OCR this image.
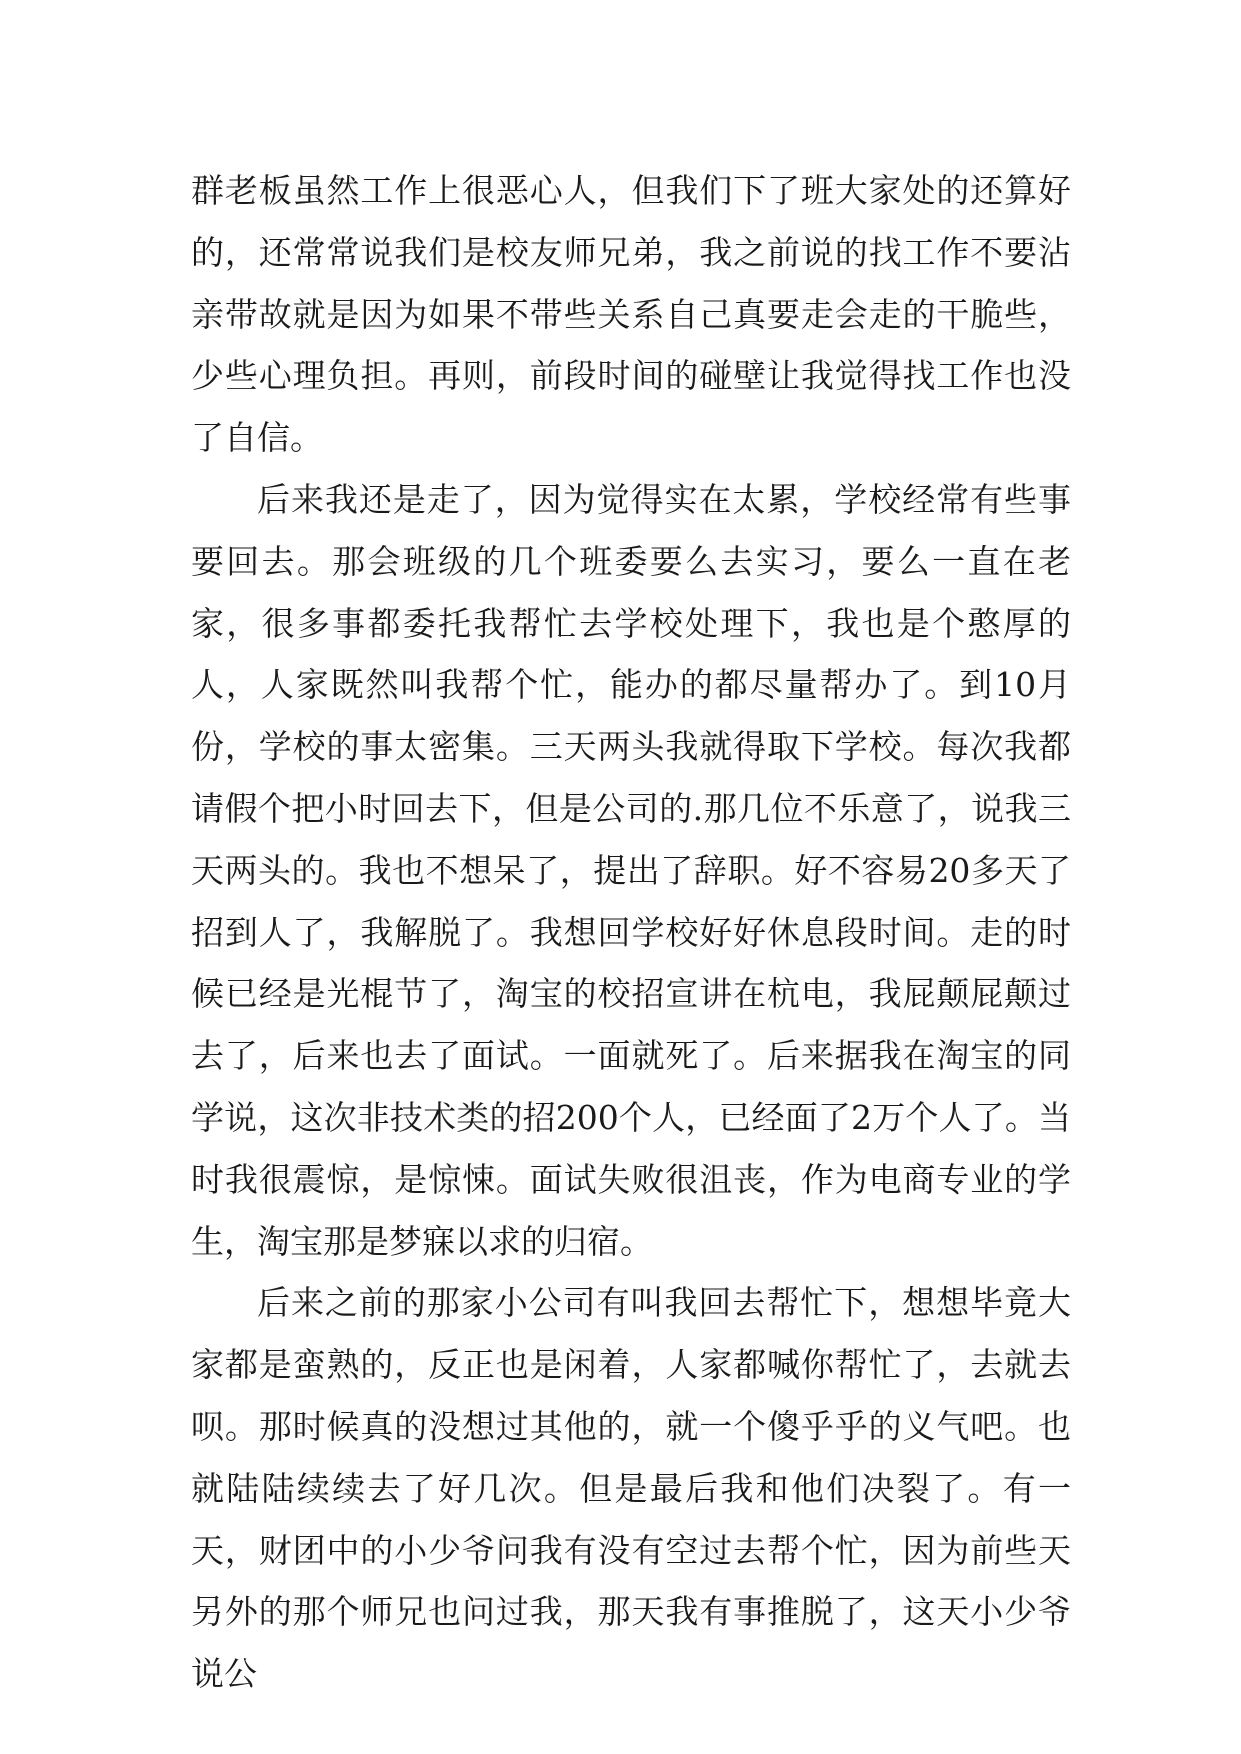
群老板虽然工作上很恶心人，但我们下了班大家处的还算好的，还常常说我们是校友师兄弟，我之前说的找工作不要沾亲带故就是因为如果不带些关系自己真要走会走的干脆些，少些心理负担。再则，前段时间的碰壁让我觉得找工作也没了自信。

后来我还是走了，因为觉得实在太累，学校经常有些事要回去。那会班级的几个班委要么去实习，要么一直在老家，很多事都委托我帮忙去学校处理下，我也是个憨厚的人，人家既然叫我帮个忙，能办的都尽量帮办了。到10月份，学校的事太密集。三天两头我就得取下学校。每次我都请假个把小时回去下，但是公司的.那几位不乐意了，说我三天两头的。我也不想呆了，提出了辞职。好不容易20多天了招到人了，我解脱了。我想回学校好好休息段时间。走的时候已经是光棍节了，淘宝的校招宣讲在杭电，我屁颠屁颠过去了，后来也去了面试。一面就死了。后来据我在淘宝的同学说，这次非技术类的招200个人，已经面了2万个人了。当时我很震惊，是惊悚。面试失败很沮丧，作为电商专业的学生，淘宝那是梦寐以求的归宿。

后来之前的那家小公司有叫我回去帮忙下，想想毕竟大家都是蛮熟的，反正也是闲着，人家都喊你帮忙了，去就去呗。那时候真的没想过其他的，就一个傻乎乎的义气吧。也就陆陆续续去了好几次。但是最后我和他们决裂了。有一天，财团中的小少爷问我有没有空过去帮个忙，因为前些天另外的那个师兄也问过我，那天我有事推脱了，这天小少爷说公
